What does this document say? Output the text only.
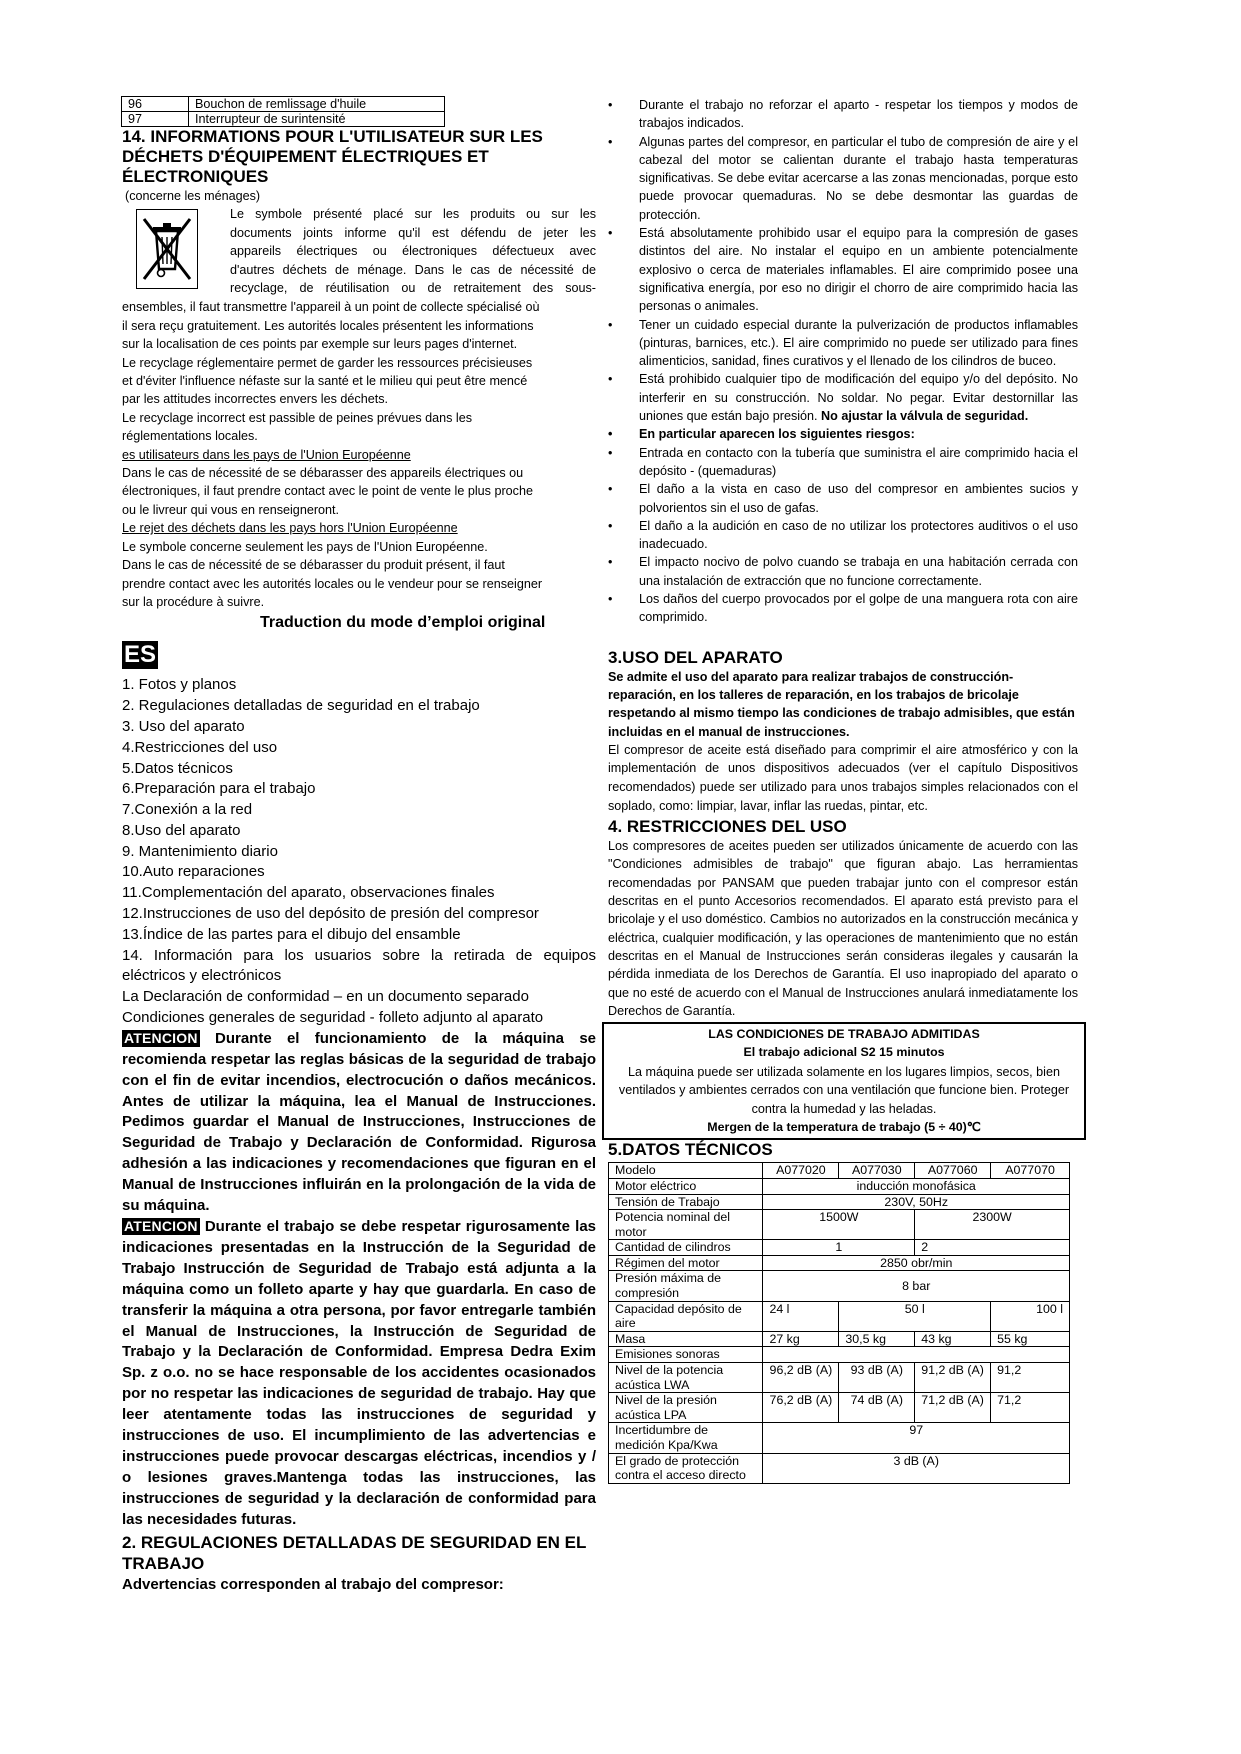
96	Bouchon de remlissage d'huile
97	Interrupteur de surintensité

14. INFORMATIONS POUR L'UTILISATEUR SUR LES DÉCHETS D'ÉQUIPEMENT ÉLECTRIQUES ET ÉLECTRONIQUES

(concerne les ménages)

Le symbole présenté placé sur les produits ou sur les

documents joints informe qu'il est défendu de jeter les

appareils électriques ou électroniques défectueux avec

d'autres déchets de ménage. Dans le cas de nécessité de

recyclage, de réutilisation ou de retraitement des sous-

ensembles, il faut transmettre l'appareil à un point de collecte spécialisé où

il sera reçu gratuitement. Les autorités locales présentent les informations

sur la localisation de ces points par exemple sur leurs pages d'internet.

Le recyclage réglementaire permet de garder les ressources précisieuses

et d'éviter l'influence néfaste sur la santé et le milieu qui peut être mencé

par les attitudes incorrectes envers les déchets.

Le recyclage incorrect est passible de peines prévues dans les

réglementations locales.

es utilisateurs dans les pays de l'Union Européenne

Dans le cas de nécessité de se débarasser des appareils électriques ou

électroniques, il faut prendre contact avec le point de vente le plus proche

ou le livreur qui vous en renseigneront.

Le rejet des déchets dans les pays hors l'Union Européenne

Le symbole concerne seulement les pays de l'Union Européenne.

Dans le cas de nécessité de se débarasser du produit présent, il faut

prendre contact avec les autorités locales ou le vendeur pour se renseigner

sur la procédure à suivre.

Traduction du mode d’emploi original

ES

1. Fotos y planos

2. Regulaciones detalladas de seguridad en el trabajo

3. Uso del aparato

4.Restricciones del uso

5.Datos técnicos

6.Preparación para el trabajo

7.Conexión a la red

8.Uso del aparato

9. Mantenimiento diario

10.Auto reparaciones

11.Complementación del aparato, observaciones finales

12.Instrucciones de uso del depósito de presión del compresor

13.Índice de las partes para el dibujo del ensamble

14. Información para los usuarios sobre la retirada de equipos eléctricos y electrónicos

La Declaración de conformidad – en un documento separado

Condiciones generales de seguridad - folleto adjunto al aparato

ATENCION Durante el funcionamiento de la máquina se recomienda respetar las reglas básicas de la seguridad de trabajo con el fin de evitar incendios, electrocución o daños mecánicos. Antes de utilizar la máquina, lea el Manual de Instrucciones. Pedimos guardar el Manual de Instrucciones, Instrucciones de Seguridad de Trabajo y Declaración de Conformidad. Rigurosa adhesión a las indicaciones y recomendaciones que figuran en el Manual de Instrucciones influirán en la prolongación de la vida de su máquina.

ATENCION Durante el trabajo se debe respetar rigurosamente las indicaciones presentadas en la Instrucción de la Seguridad de Trabajo Instrucción de Seguridad de Trabajo está adjunta a la máquina como un folleto aparte y hay que guardarla. En caso de transferir la máquina a otra persona, por favor entregarle también el Manual de Instrucciones, la Instrucción de Seguridad de Trabajo y la Declaración de Conformidad. Empresa Dedra Exim Sp. z o.o. no se hace responsable de los accidentes ocasionados por no respetar las indicaciones de seguridad de trabajo. Hay que leer atentamente todas las instrucciones de seguridad y instrucciones de uso. El incumplimiento de las advertencias e instrucciones puede provocar descargas eléctricas, incendios y / o lesiones graves.Mantenga todas las instrucciones, las instrucciones de seguridad y la declaración de conformidad para las necesidades futuras.

2. REGULACIONES DETALLADAS DE SEGURIDAD EN EL TRABAJO

Advertencias corresponden al trabajo del compresor:

• Durante el trabajo no reforzar el aparto - respetar los tiempos y modos de trabajos indicados.

• Algunas partes del compresor, en particular el tubo de compresión de aire y el cabezal del motor se calientan durante el trabajo hasta temperaturas significativas. Se debe evitar acercarse a las zonas mencionadas, porque esto puede provocar quemaduras. No se debe desmontar las guardas de protección.

• Está absolutamente prohibido usar el equipo para la compresión de gases distintos del aire. No instalar el equipo en un ambiente potencialmente explosivo o cerca de materiales inflamables. El aire comprimido posee una significativa energía, por eso no dirigir el chorro de aire comprimido hacia las personas o animales.

• Tener un cuidado especial durante la pulverización de productos inflamables (pinturas, barnices, etc.). El aire comprimido no puede ser utilizado para fines alimenticios, sanidad, fines curativos y el llenado de los cilindros de buceo.

• Está prohibido cualquier tipo de modificación del equipo y/o del depósito. No interferir en su construcción. No soldar. No pegar. Evitar destornillar las uniones que están bajo presión. No ajustar la válvula de seguridad.

• En particular aparecen los siguientes riesgos:

• Entrada en contacto con la tubería que suministra el aire comprimido hacia el depósito - (quemaduras)

• El daño a la vista en caso de uso del compresor en ambientes sucios y polvorientos sin el uso de gafas.

• El daño a la audición en caso de no utilizar los protectores auditivos o el uso inadecuado.

• El impacto nocivo de polvo cuando se trabaja en una habitación cerrada con una instalación de extracción que no funcione correctamente.

• Los daños del cuerpo provocados por el golpe de una manguera rota con aire comprimido.

3.USO DEL APARATO

Se admite el uso del aparato para realizar trabajos de construcción-reparación, en los talleres de reparación, en los trabajos de bricolaje respetando al mismo tiempo las condiciones de trabajo admisibles, que están incluidas en el manual de instrucciones.

El compresor de aceite está diseñado para comprimir el aire atmosférico y con la implementación de unos dispositivos adecuados (ver el capítulo Dispositivos recomendados) puede ser utilizado para unos trabajos simples relacionados con el soplado, como: limpiar, lavar, inflar las ruedas, pintar, etc.

4. RESTRICCIONES DEL USO

Los compresores de aceites pueden ser utilizados únicamente de acuerdo con las "Condiciones admisibles de trabajo" que figuran abajo. Las herramientas recomendadas por PANSAM que pueden trabajar junto con el compresor están descritas en el punto Accesorios recomendados. El aparato está previsto para el bricolaje y el uso doméstico. Cambios no autorizados en la construcción mecánica y eléctrica, cualquier modificación, y las operaciones de mantenimiento que no están descritas en el Manual de Instrucciones serán consideras ilegales y causarán la pérdida inmediata de los Derechos de Garantía. El uso inapropiado del aparato o que no esté de acuerdo con el Manual de Instrucciones anulará inmediatamente los Derechos de Garantía.

LAS CONDICIONES DE TRABAJO ADMITIDAS

El trabajo adicional S2 15 minutos

La máquina puede ser utilizada solamente en los lugares limpios, secos, bien ventilados y ambientes cerrados con una ventilación que funcione bien. Proteger contra la humedad y las heladas.

Mergen de la temperatura de trabajo (5 ÷ 40)℃

5.DATOS TÉCNICOS

Modelo	A077020	A077030	A077060	A077070
Motor eléctrico	inducción monofásica			
Tensión de Trabajo	230V, 50Hz			
Potencia nominal del motor	1500W		2300W	
Cantidad de cilindros	1		2	
Régimen del motor	2850 obr/min			
Presión máxima de compresión	8 bar			
Capacidad depósito de aire	24 l	50 l		100 l
Masa	27 kg	30,5 kg	43 kg	55 kg
Emisiones sonoras				
Nivel de la potencia acústica LWA	96,2 dB (A)	93 dB (A)	91,2 dB (A)	91,2
Nivel de la presión acústica LPA	76,2 dB (A)	74 dB (A)	71,2 dB (A)	71,2
Incertidumbre de medición Kpa/Kwa	97			
El grado de protección contra el acceso directo	3 dB (A)			
